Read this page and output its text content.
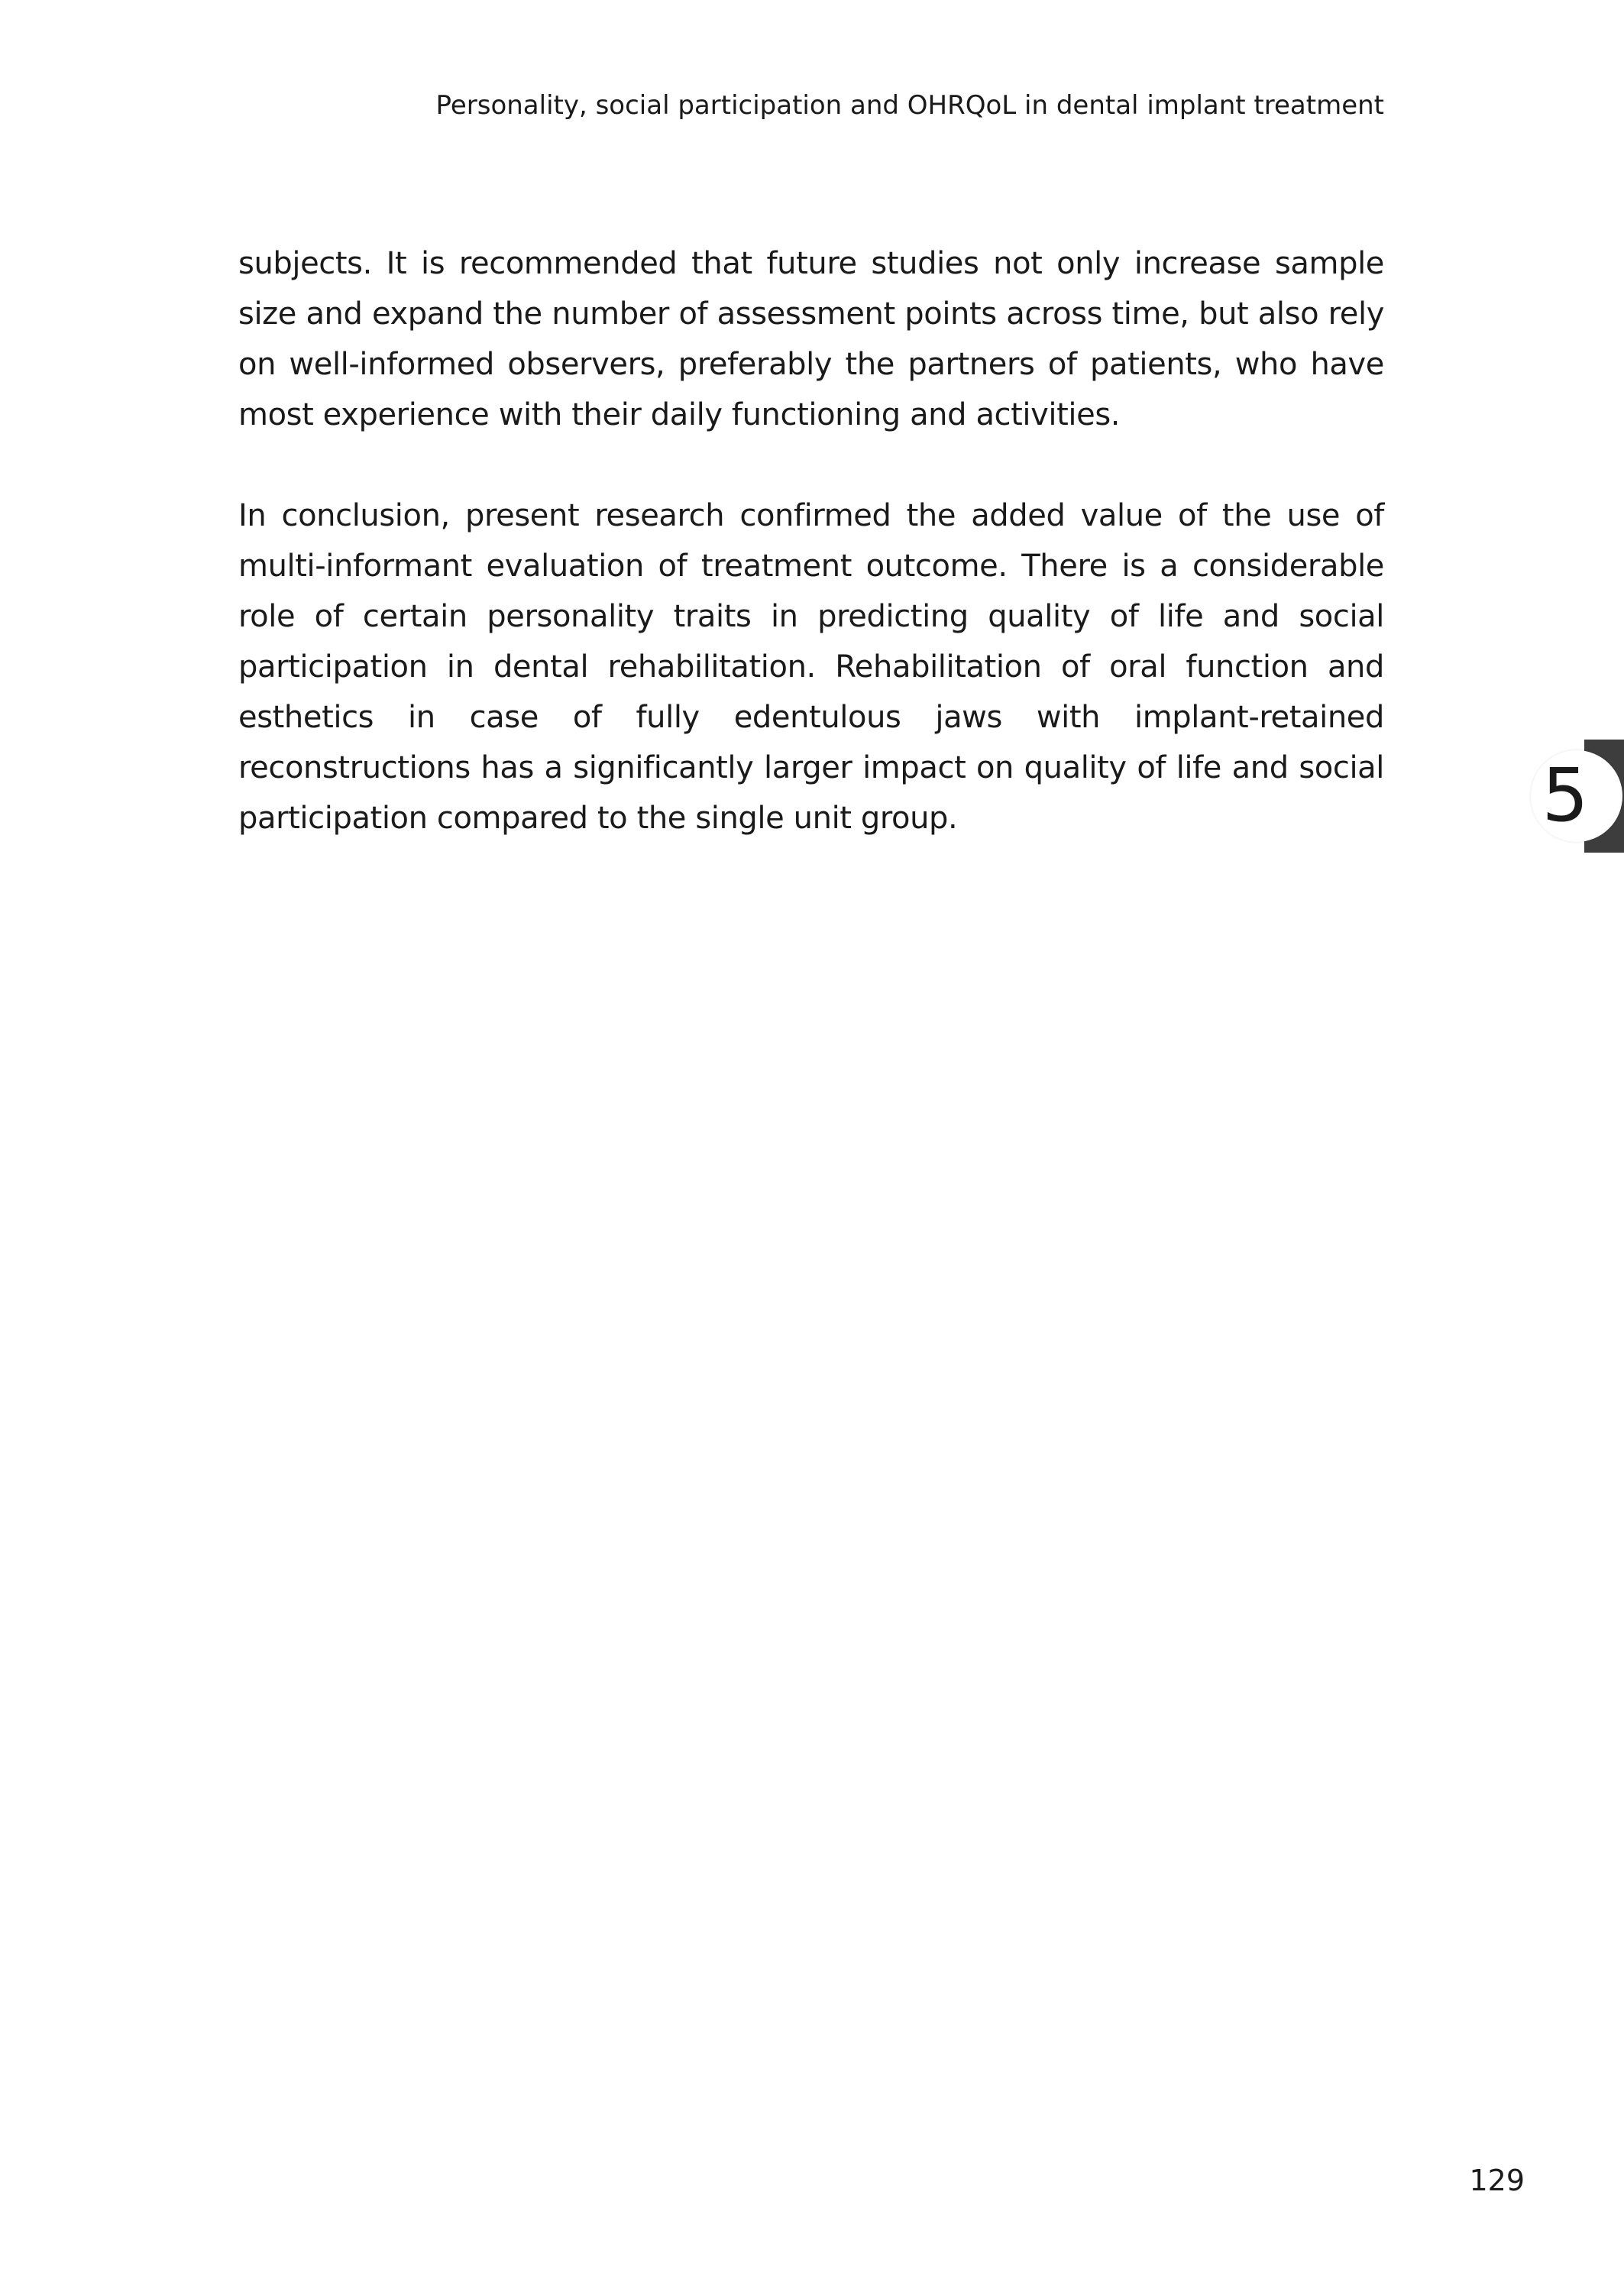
Personality, social participation and OHRQoL in dental implant treatment

subjects. It is recommended that future studies not only increase sample size and expand the number of assessment points across time, but also rely on well-informed observers, preferably the partners of patients, who have most experience with their daily functioning and activities.

In conclusion, present research confirmed the added value of the use of multi-informant evaluation of treatment outcome. There is a considerable role of certain personality traits in predicting quality of life and social participation in dental rehabilitation. Rehabilitation of oral function and esthetics in case of fully edentulous jaws with implant-retained reconstructions has a significantly larger impact on quality of life and social participation compared to the single unit group.	5
129
